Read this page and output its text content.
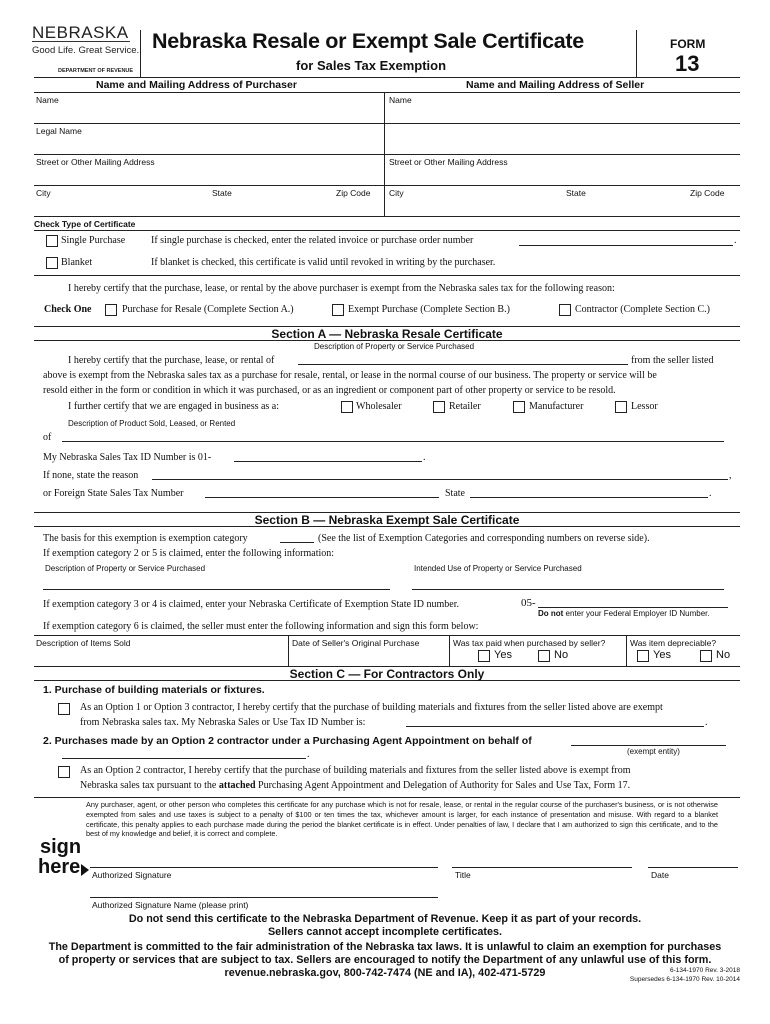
NEBRASKA
Good Life. Great Service.
DEPARTMENT OF REVENUE
Nebraska Resale or Exempt Sale Certificate
for Sales Tax Exemption
FORM
13
Name and Mailing Address of Purchaser	Name and Mailing Address of Seller
Name	Name
Legal Name
Street or Other Mailing Address	Street or Other Mailing Address
City	State	Zip Code City	State	Zip Code
Check Type of Certificate
Single Purchase	If single purchase is checked, enter the related invoice or purchase order number	.
Blanket	If blanket is checked, this certificate is valid until revoked in writing by the purchaser.
I hereby certify that the purchase, lease, or rental by the above purchaser is exempt from the Nebraska sales tax for the following reason:
Check One	Purchase for Resale (Complete Section A.)	Exempt Purchase (Complete Section B.)	Contractor (Complete Section C.)
Section A — Nebraska Resale Certificate
Description of Property or Service Purchased
I hereby certify that the purchase, lease, or rental of	from the seller listed
above is exempt from the Nebraska sales tax as a purchase for resale, rental, or lease in the normal course of our business. The property or service will be
resold either in the form or condition in which it was purchased, or as an ingredient or component part of other property or service to be resold.
I further certify that we are engaged in business as a:	Wholesaler	Retailer	Manufacturer	Lessor
Description of Product Sold, Leased, or Rented
of
My Nebraska Sales Tax ID Number is 01-	.
If none, state the reason	,
or Foreign State Sales Tax Number	State	.
Section B — Nebraska Exempt Sale Certificate
The basis for this exemption is exemption category	(See the list of Exemption Categories and corresponding numbers on reverse side).
If exemption category 2 or 5 is claimed, enter the following information:
Description of Property or Service Purchased	Intended Use of Property or Service Purchased
If exemption category 3 or 4 is claimed, enter your Nebraska Certificate of Exemption State ID number.	05-
Do not enter your Federal Employer ID Number.
If exemption category 6 is claimed, the seller must enter the following information and sign this form below:
Description of Items Sold	Date of Seller's Original Purchase	Was tax paid when purchased by seller?	Was item depreciable?
Yes	No	Yes	No
Section C — For Contractors Only
1. Purchase of building materials or fixtures.
As an Option 1 or Option 3 contractor, I hereby certify that the purchase of building materials and fixtures from the seller listed above are exempt
from Nebraska sales tax. My Nebraska Sales or Use Tax ID Number is:	.
2. Purchases made by an Option 2 contractor under a Purchasing Agent Appointment on behalf of
(exempt entity)
.
As an Option 2 contractor, I hereby certify that the purchase of building materials and fixtures from the seller listed above is exempt from
Nebraska sales tax pursuant to the attached Purchasing Agent Appointment and Delegation of Authority for Sales and Use Tax, Form 17.
Any purchaser, agent, or other person who completes this certificate for any purchase which is not for resale, lease, or rental in the regular course of the purchaser's business, or is not otherwise exempted from sales and use taxes is subject to a penalty of $100 or ten times the tax, whichever amount is larger, for each instance of presentation and misuse. With regard to a blanket certificate, this penalty applies to each purchase made during the period the blanket certificate is in effect. Under penalties of law, I declare that I am authorized to sign this certificate, and to the best of my knowledge and belief, it is correct and complete.
sign
here Authorized Signature	Title	Date
Authorized Signature Name (please print)
Do not send this certificate to the Nebraska Department of Revenue. Keep it as part of your records.
Sellers cannot accept incomplete certificates.
The Department is committed to the fair administration of the Nebraska tax laws. It is unlawful to claim an exemption for purchases
of property or services that are subject to tax. Sellers are encouraged to notify the Department of any unlawful use of this form.
revenue.nebraska.gov, 800-742-7474 (NE and IA), 402-471-5729	6-134-1970 Rev. 3-2018
Supersedes 6-134-1970 Rev. 10-2014
